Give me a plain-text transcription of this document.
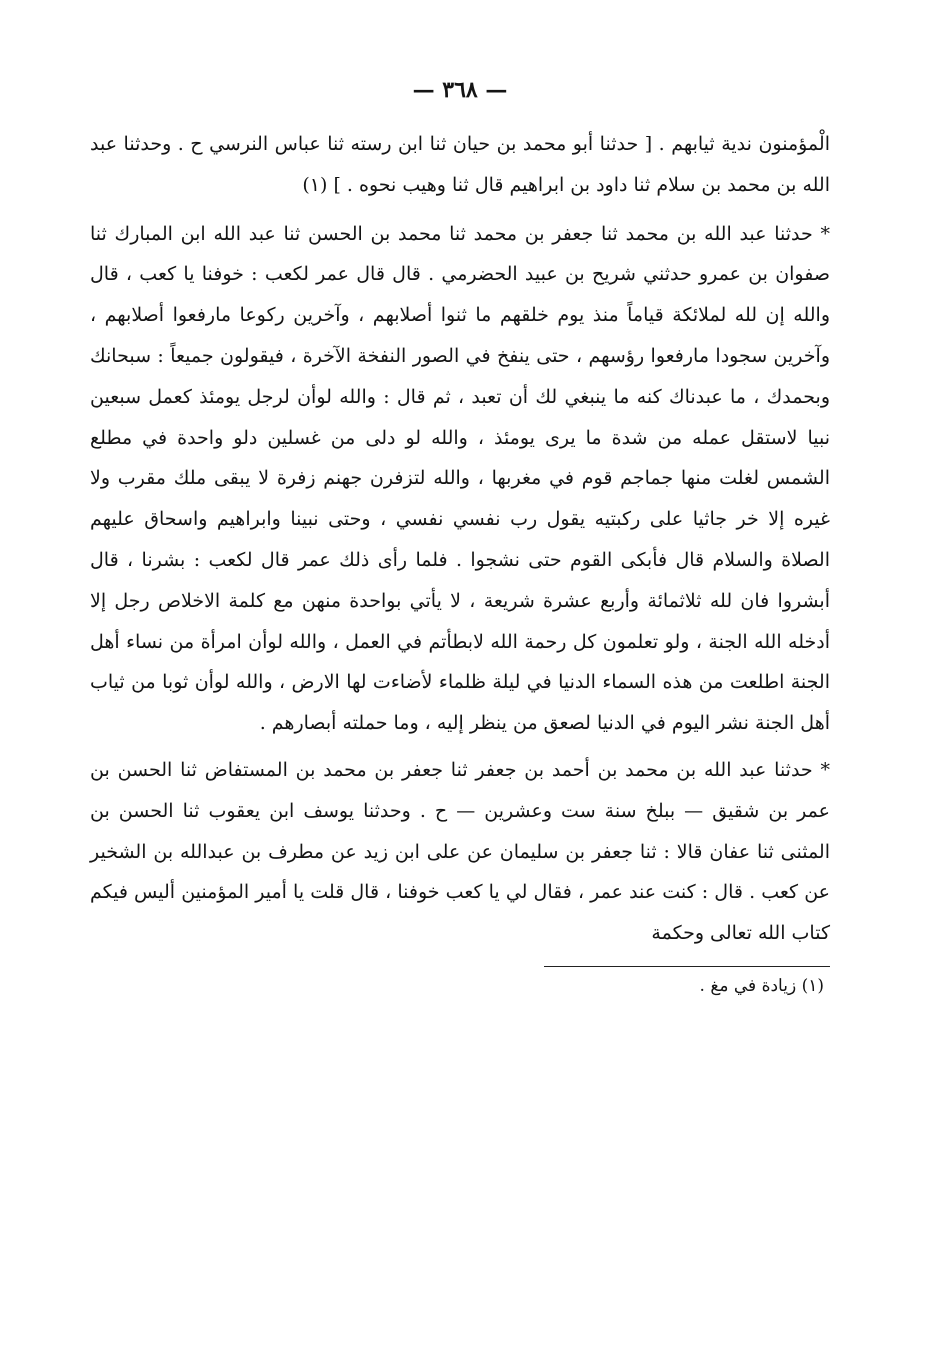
— ٣٦٨ —

الْمؤمنون ندية ثيابهم . [ حدثنا أبو محمد بن حيان ثنا ابن رسته ثنا عباس النرسي ح . وحدثنا عبد الله بن محمد بن سلام ثنا داود بن ابراهيم قال ثنا وهيب نحوه . ] (١)

* حدثنا عبد الله بن محمد ثنا جعفر بن محمد ثنا محمد بن الحسن ثنا عبد الله ابن المبارك ثنا صفوان بن عمرو حدثني شريح بن عبيد الحضرمي . قال قال عمر لكعب : خوفنا يا كعب ، قال والله إن لله لملائكة قياماً منذ يوم خلقهم ما ثنوا أصلابهم ، وآخرين ركوعا مارفعوا أصلابهم ، وآخرين سجودا مارفعوا رؤسهم ، حتى ينفخ في الصور النفخة الآخرة ، فيقولون جميعاً : سبحانك وبحمدك ، ما عبدناك كنه ما ينبغي لك أن تعبد ، ثم قال : والله لوأن لرجل يومئذ كعمل سبعين نبيا لاستقل عمله من شدة ما يرى يومئذ ، والله لو دلى من غسلين دلو واحدة في مطلع الشمس لغلت منها جماجم قوم في مغربها ، والله لتزفرن جهنم زفرة لا يبقى ملك مقرب ولا غيره إلا خر جاثيا على ركبتيه يقول رب نفسي نفسي ، وحتى نبينا وابراهيم واسحاق عليهم الصلاة والسلام قال فأبكى القوم حتى نشجوا . فلما رأى ذلك عمر قال لكعب : بشرنا ، قال أبشروا فان لله ثلاثمائة وأربع عشرة شريعة ، لا يأتي بواحدة منهن مع كلمة الاخلاص رجل إلا أدخله الله الجنة ، ولو تعلمون كل رحمة الله لابطأتم في العمل ، والله لوأن امرأة من نساء أهل الجنة اطلعت من هذه السماء الدنيا في ليلة ظلماء لأضاءت لها الارض ، والله لوأن ثوبا من ثياب أهل الجنة نشر اليوم في الدنيا لصعق من ينظر إليه ، وما حملته أبصارهم .

* حدثنا عبد الله بن محمد بن أحمد بن جعفر ثنا جعفر بن محمد بن المستفاض ثنا الحسن بن عمر بن شقيق — ببلخ سنة ست وعشرين — ح . وحدثنا يوسف ابن يعقوب ثنا الحسن بن المثنى ثنا عفان قالا : ثنا جعفر بن سليمان عن على ابن زيد عن مطرف بن عبدالله بن الشخير عن كعب . قال : كنت عند عمر ، فقال لي يا كعب خوفنا ، قال قلت يا أمير المؤمنين أليس فيكم كتاب الله تعالى وحكمة

(١) زيادة في مغ .
